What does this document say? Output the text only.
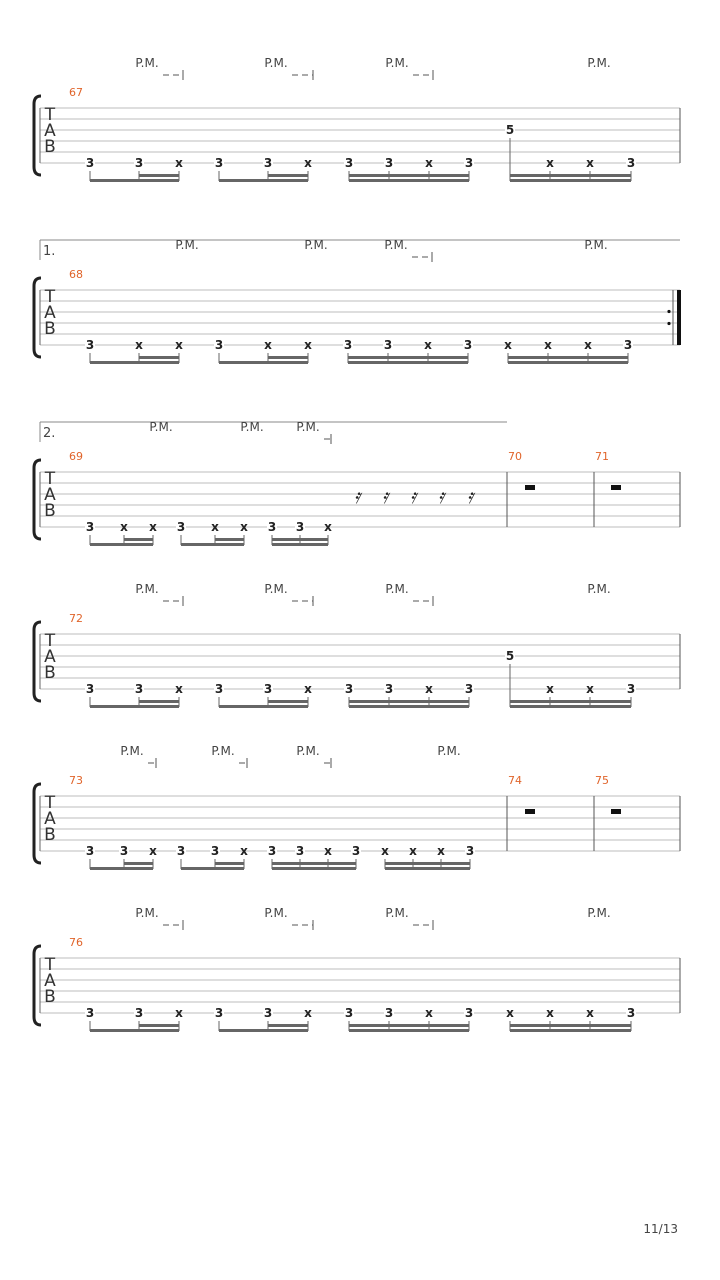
P.M.	P.M.	P.M.	P.M.
T
A
B
67
3	3	x	3	3	x	3	3	x	3
5
x	x	3
1.	P.M.	P.M.	P.M.	P.M.
T
A
B
68
3	x	x	3	x	x	3	3	x	3	x	x	x	3
2.	P.M.	P.M.	P.M.
T
A
B
69	70	71
3 x x 3 x x 3 3 x
𝄿 𝄿 𝄿 𝄿 𝄿
P.M.	P.M.	P.M.	P.M.
T
A
B
72
3	3	x	3	3	x	3	3	x	3
5
x	x	3
P.M.	P.M.	P.M.	P.M.
T
A
B
73	74	75
3 3 x 3 3 x 3 3 x 3 x x x 3
P.M.	P.M.	P.M.	P.M.
T
A
B
76
3	3	x	3	3	x	3	3	x	3	x	x	x	3
11/13
